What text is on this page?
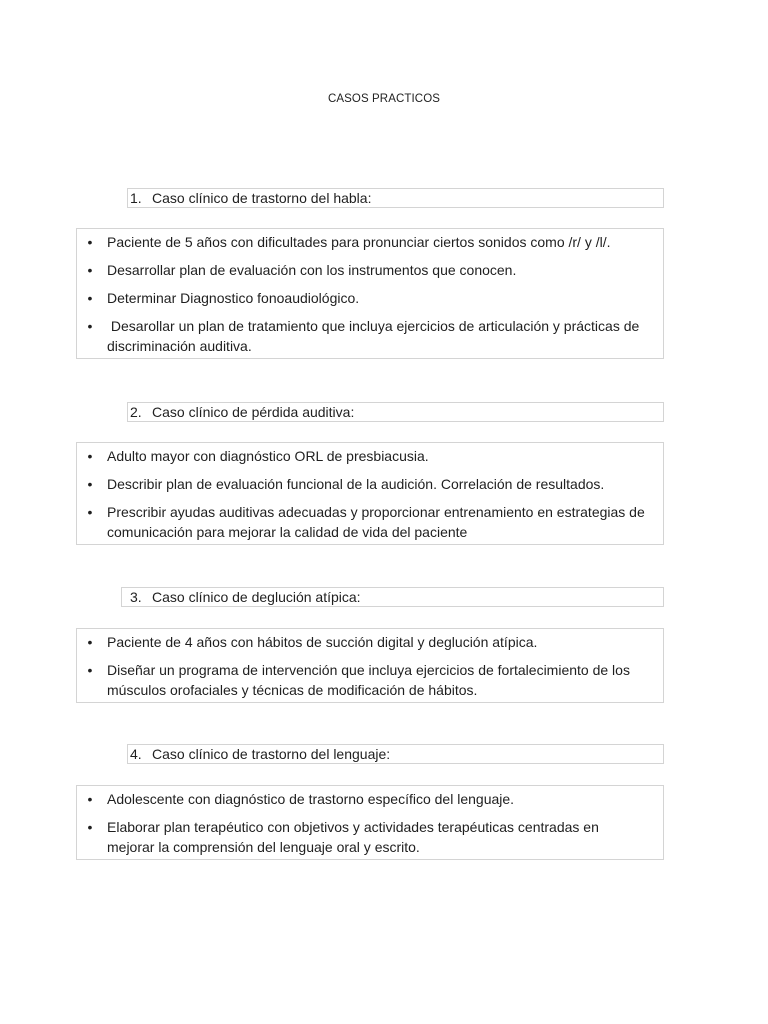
CASOS PRACTICOS
1. Caso clínico de trastorno del habla:
• Paciente de 5 años con dificultades para pronunciar ciertos sonidos como /r/ y /l/.
• Desarrollar plan de evaluación con los instrumentos que conocen.
• Determinar Diagnostico fonoaudiológico.
• Desarollar un plan de tratamiento que incluya ejercicios de articulación y prácticas de discriminación auditiva.
2. Caso clínico de pérdida auditiva:
• Adulto mayor con diagnóstico ORL de presbiacusia.
• Describir plan de evaluación funcional de la audición. Correlación de resultados.
• Prescribir ayudas auditivas adecuadas y proporcionar entrenamiento en estrategias de comunicación para mejorar la calidad de vida del paciente
3. Caso clínico de deglución atípica:
• Paciente de 4 años con hábitos de succión digital y deglución atípica.
• Diseñar un programa de intervención que incluya ejercicios de fortalecimiento de los músculos orofaciales y técnicas de modificación de hábitos.
4. Caso clínico de trastorno del lenguaje:
• Adolescente con diagnóstico de trastorno específico del lenguaje.
• Elaborar plan terapéutico con objetivos y actividades terapéuticas centradas en mejorar la comprensión del lenguaje oral y escrito.
